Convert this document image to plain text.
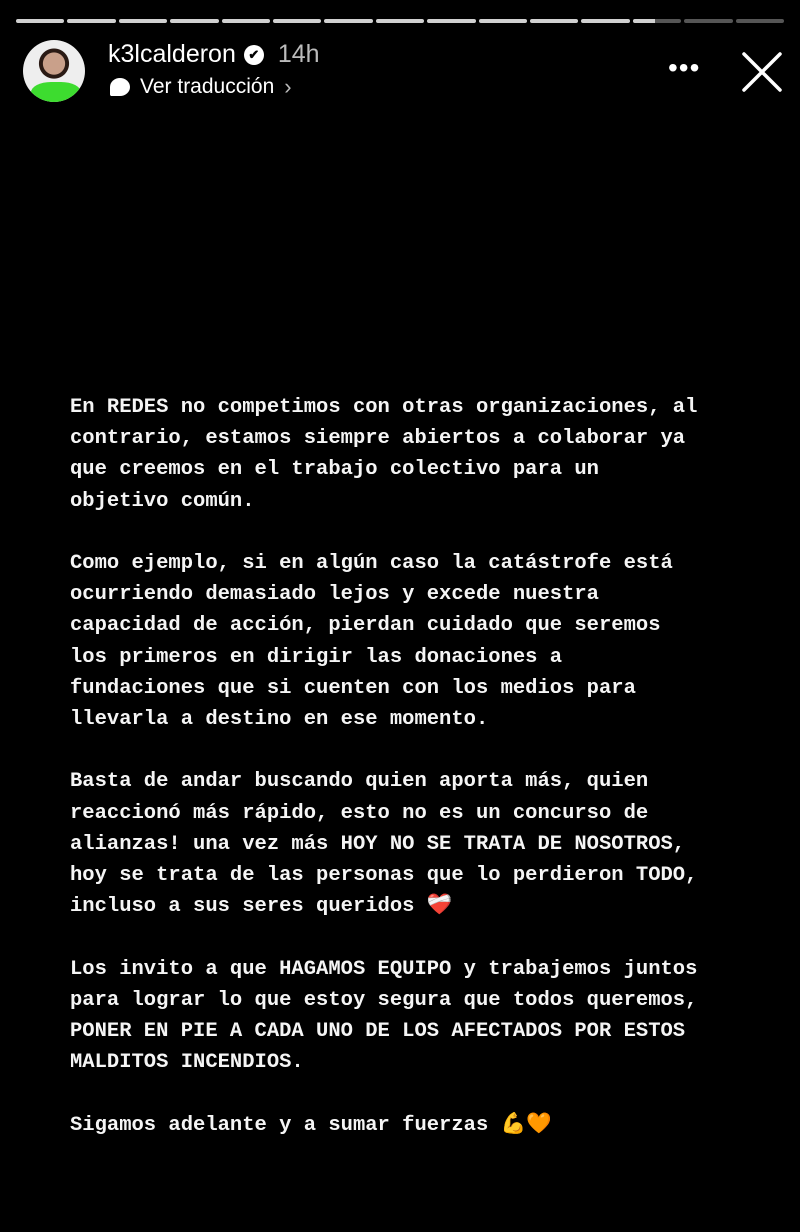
k3lcalderon ✔ 14h
Ver traducción ›
•••
En REDES no competimos con otras organizaciones, al
contrario, estamos siempre abiertos a colaborar ya
que creemos en el trabajo colectivo para un
objetivo común.
Como ejemplo, si en algún caso la catástrofe está
ocurriendo demasiado lejos y excede nuestra
capacidad de acción, pierdan cuidado que seremos
los primeros en dirigir las donaciones a
fundaciones que si cuenten con los medios para
llevarla a destino en ese momento.
Basta de andar buscando quien aporta más, quien
reaccionó más rápido, esto no es un concurso de
alianzas! una vez más HOY NO SE TRATA DE NOSOTROS,
hoy se trata de las personas que lo perdieron TODO,
incluso a sus seres queridos ❤️‍🩹
Los invito a que HAGAMOS EQUIPO y trabajemos juntos
para lograr lo que estoy segura que todos queremos,
PONER EN PIE A CADA UNO DE LOS AFECTADOS POR ESTOS
MALDITOS INCENDIOS.
Sigamos adelante y a sumar fuerzas 💪🧡
